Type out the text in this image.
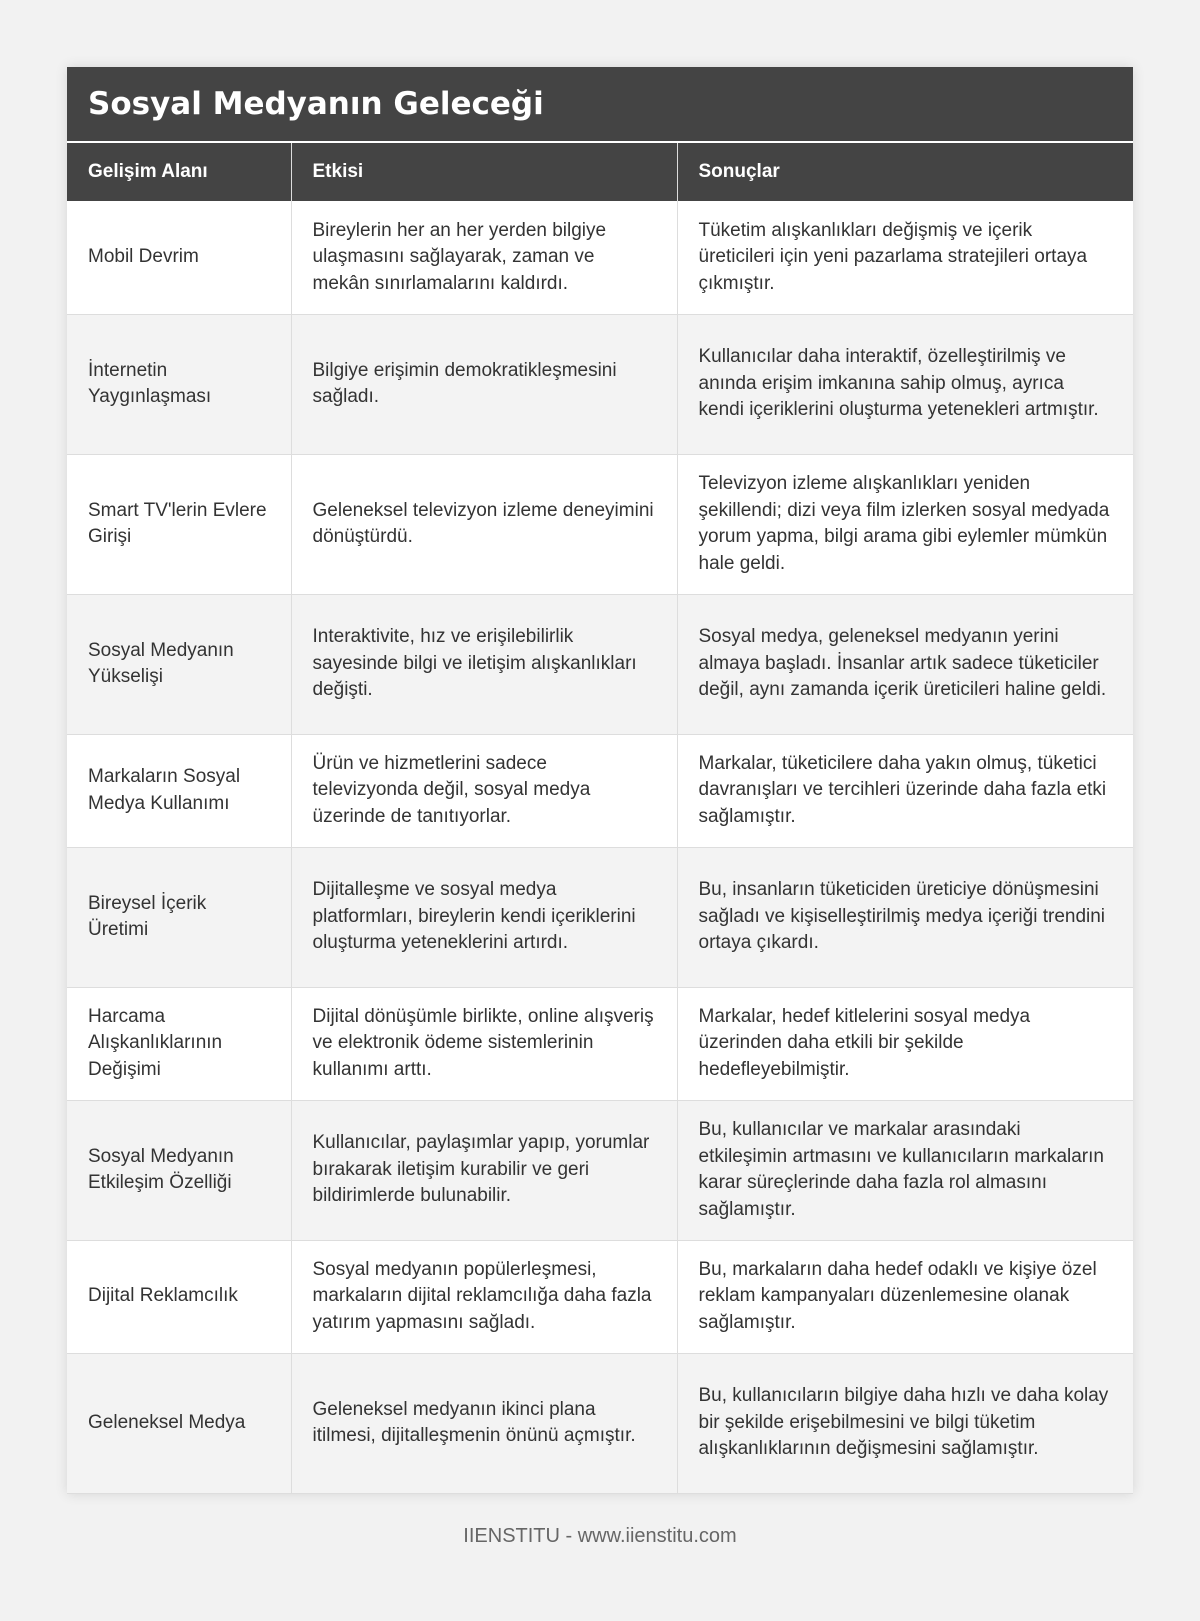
Sosyal Medyanın Geleceği
Gelişim Alanı	Etkisi	Sonuçlar
Mobil Devrim	Bireylerin her an her yerden bilgiye ulaşmasını sağlayarak, zaman ve mekân sınırlamalarını kaldırdı.	Tüketim alışkanlıkları değişmiş ve içerik üreticileri için yeni pazarlama stratejileri ortaya çıkmıştır.
İnternetin Yaygınlaşması	Bilgiye erişimin demokratikleşmesini sağladı.	Kullanıcılar daha interaktif, özelleştirilmiş ve anında erişim imkanına sahip olmuş, ayrıca kendi içeriklerini oluşturma yetenekleri artmıştır.
Smart TV'lerin Evlere Girişi	Geleneksel televizyon izleme deneyimini dönüştürdü.	Televizyon izleme alışkanlıkları yeniden şekillendi; dizi veya film izlerken sosyal medyada yorum yapma, bilgi arama gibi eylemler mümkün hale geldi.
Sosyal Medyanın Yükselişi	Interaktivite, hız ve erişilebilirlik sayesinde bilgi ve iletişim alışkanlıkları değişti.	Sosyal medya, geleneksel medyanın yerini almaya başladı. İnsanlar artık sadece tüketiciler değil, aynı zamanda içerik üreticileri haline geldi.
Markaların Sosyal Medya Kullanımı	Ürün ve hizmetlerini sadece televizyonda değil, sosyal medya üzerinde de tanıtıyorlar.	Markalar, tüketicilere daha yakın olmuş, tüketici davranışları ve tercihleri üzerinde daha fazla etki sağlamıştır.
Bireysel İçerik Üretimi	Dijitalleşme ve sosyal medya platformları, bireylerin kendi içeriklerini oluşturma yeteneklerini artırdı.	Bu, insanların tüketiciden üreticiye dönüşmesini sağladı ve kişiselleştirilmiş medya içeriği trendini ortaya çıkardı.
Harcama Alışkanlıklarının Değişimi	Dijital dönüşümle birlikte, online alışveriş ve elektronik ödeme sistemlerinin kullanımı arttı.	Markalar, hedef kitlelerini sosyal medya üzerinden daha etkili bir şekilde hedefleyebilmiştir.
Sosyal Medyanın Etkileşim Özelliği	Kullanıcılar, paylaşımlar yapıp, yorumlar bırakarak iletişim kurabilir ve geri bildirimlerde bulunabilir.	Bu, kullanıcılar ve markalar arasındaki etkileşimin artmasını ve kullanıcıların markaların karar süreçlerinde daha fazla rol almasını sağlamıştır.
Dijital Reklamcılık	Sosyal medyanın popülerleşmesi, markaların dijital reklamcılığa daha fazla yatırım yapmasını sağladı.	Bu, markaların daha hedef odaklı ve kişiye özel reklam kampanyaları düzenlemesine olanak sağlamıştır.
Geleneksel Medya	Geleneksel medyanın ikinci plana itilmesi, dijitalleşmenin önünü açmıştır.	Bu, kullanıcıların bilgiye daha hızlı ve daha kolay bir şekilde erişebilmesini ve bilgi tüketim alışkanlıklarının değişmesini sağlamıştır.
IIENSTITU - www.iienstitu.com
